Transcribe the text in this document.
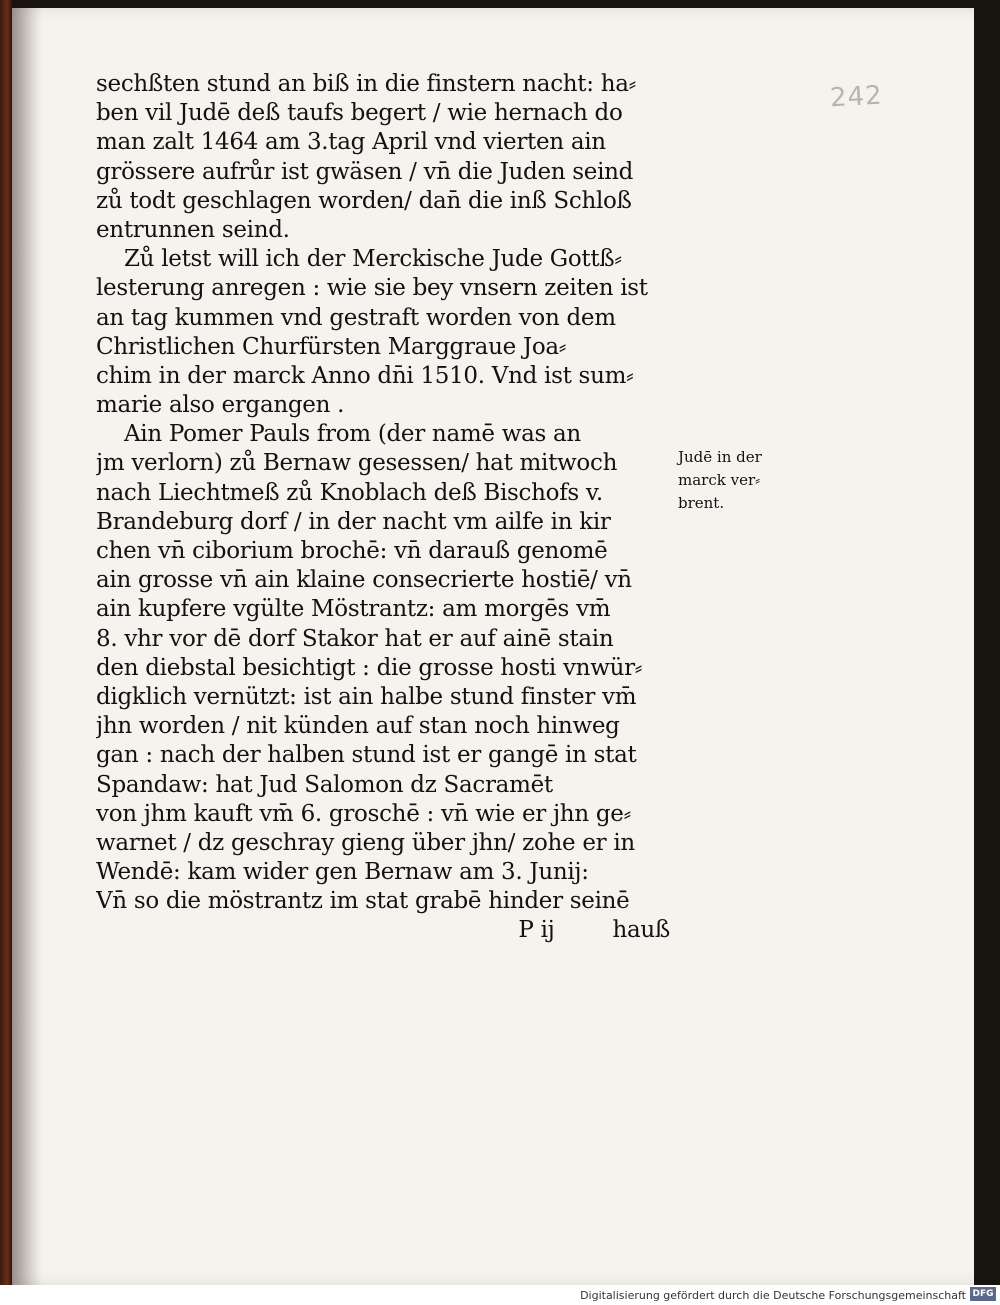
242
sechßten stund an biß in die finstern nacht: ha⸗
ben vil Judē deß taufs begert / wie hernach do
man zalt 1464 am 3.tag April vnd vierten ain
grössere aufrůr ist gwäsen / vn̄ die Juden seind
zů todt geschlagen worden/ dan̄ die inß Schloß
entrunnen seind.
Zů letst will ich der Merckische Jude Gottß⸗
lesterung anregen : wie sie bey vnsern zeiten ist
an tag kummen vnd gestraft worden von dem
Christlichen Churfürsten Marggraue Joa⸗
chim in der marck Anno dn̄i 1510. Vnd ist sum⸗
marie also ergangen .
Ain Pomer Pauls from (der namē was an
jm verlorn) zů Bernaw gesessen/ hat mitwoch
nach Liechtmeß zů Knoblach deß Bischofs v.
Brandeburg dorf / in der nacht vm ailfe in kir
chen vn̄ ciborium brochē: vn̄ darauß genomē
ain grosse vn̄ ain klaine consecrierte hostiē/ vn̄
ain kupfere vgülte Möstrantz: am morgēs vm̄
8. vhr vor dē dorf Stakor hat er auf ainē stain
den diebstal besichtigt : die grosse hosti vnwür⸗
digklich vernützt: ist ain halbe stund finster vm̄
jhn worden / nit künden auf stan noch hinweg
gan : nach der halben stund ist er gangē in stat
Spandaw: hat Jud Salomon dz Sacramēt
von jhm kauft vm̄ 6. groschē : vn̄ wie er jhn ge⸗
warnet / dz geschray gieng über jhn/ zohe er in
Wendē: kam wider gen Bernaw am 3. Junij:
Vn̄ so die möstrantz im stat grabē hinder seinē
P ij	hauß
Judē in der
marck ver⸗
brent.
Digitalisierung gefördert durch die Deutsche Forschungsgemeinschaft DFG
